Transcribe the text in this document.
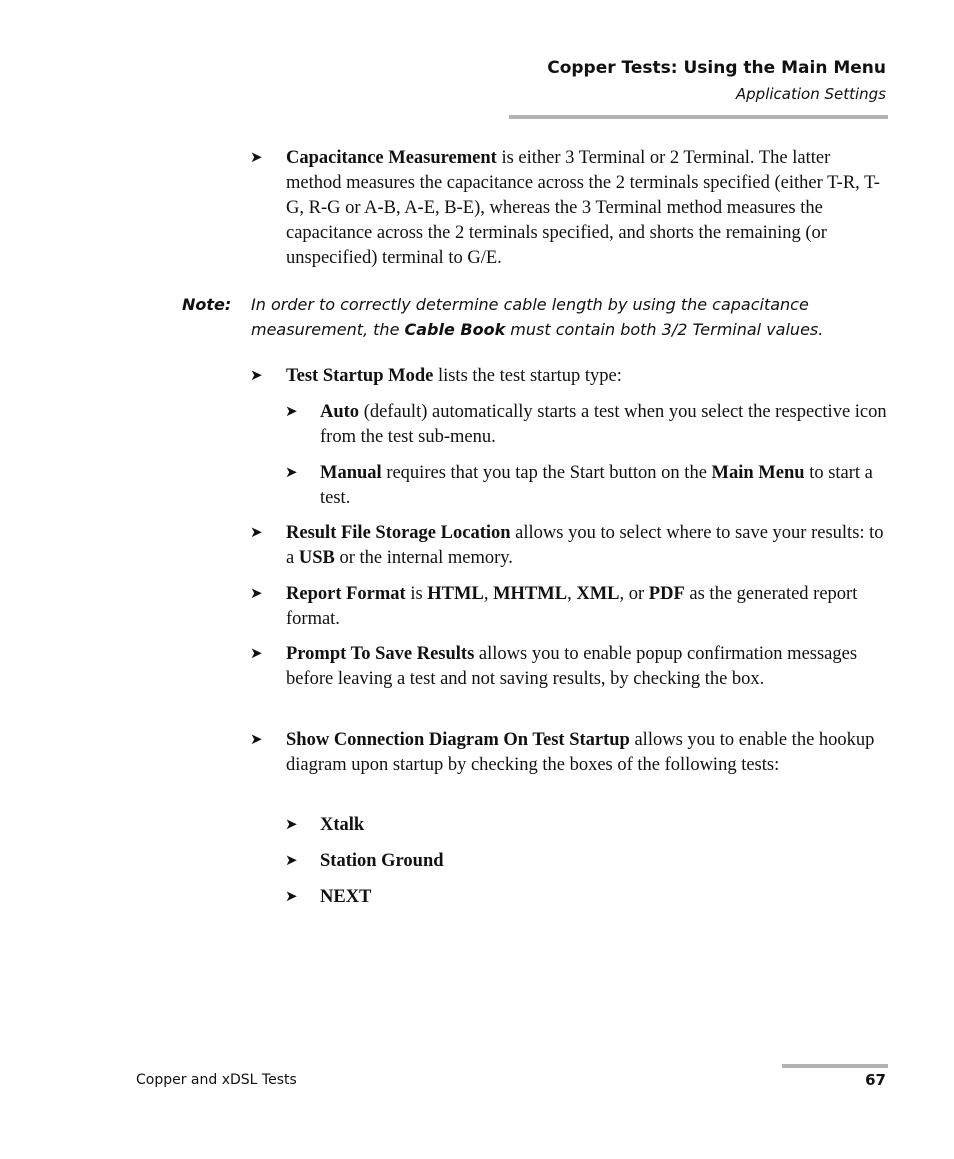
Copper Tests: Using the Main Menu
Application Settings
➤ Capacitance Measurement is either 3 Terminal or 2 Terminal. The latter method measures the capacitance across the 2 terminals specified (either T-R, T-G, R-G or A-B, A-E, B-E), whereas the 3 Terminal method measures the capacitance across the 2 terminals specified, and shorts the remaining (or unspecified) terminal to G/E.
Note: In order to correctly determine cable length by using the capacitance measurement, the Cable Book must contain both 3/2 Terminal values.
➤ Test Startup Mode lists the test startup type:
➤ Auto (default) automatically starts a test when you select the respective icon from the test sub-menu.
➤ Manual requires that you tap the Start button on the Main Menu to start a test.
➤ Result File Storage Location allows you to select where to save your results: to a USB or the internal memory.
➤ Report Format is HTML, MHTML, XML, or PDF as the generated report format.
➤ Prompt To Save Results allows you to enable popup confirmation messages before leaving a test and not saving results, by checking the box.
➤ Show Connection Diagram On Test Startup allows you to enable the hookup diagram upon startup by checking the boxes of the following tests:
➤ Xtalk
➤ Station Ground
➤ NEXT
Copper and xDSL Tests	67
